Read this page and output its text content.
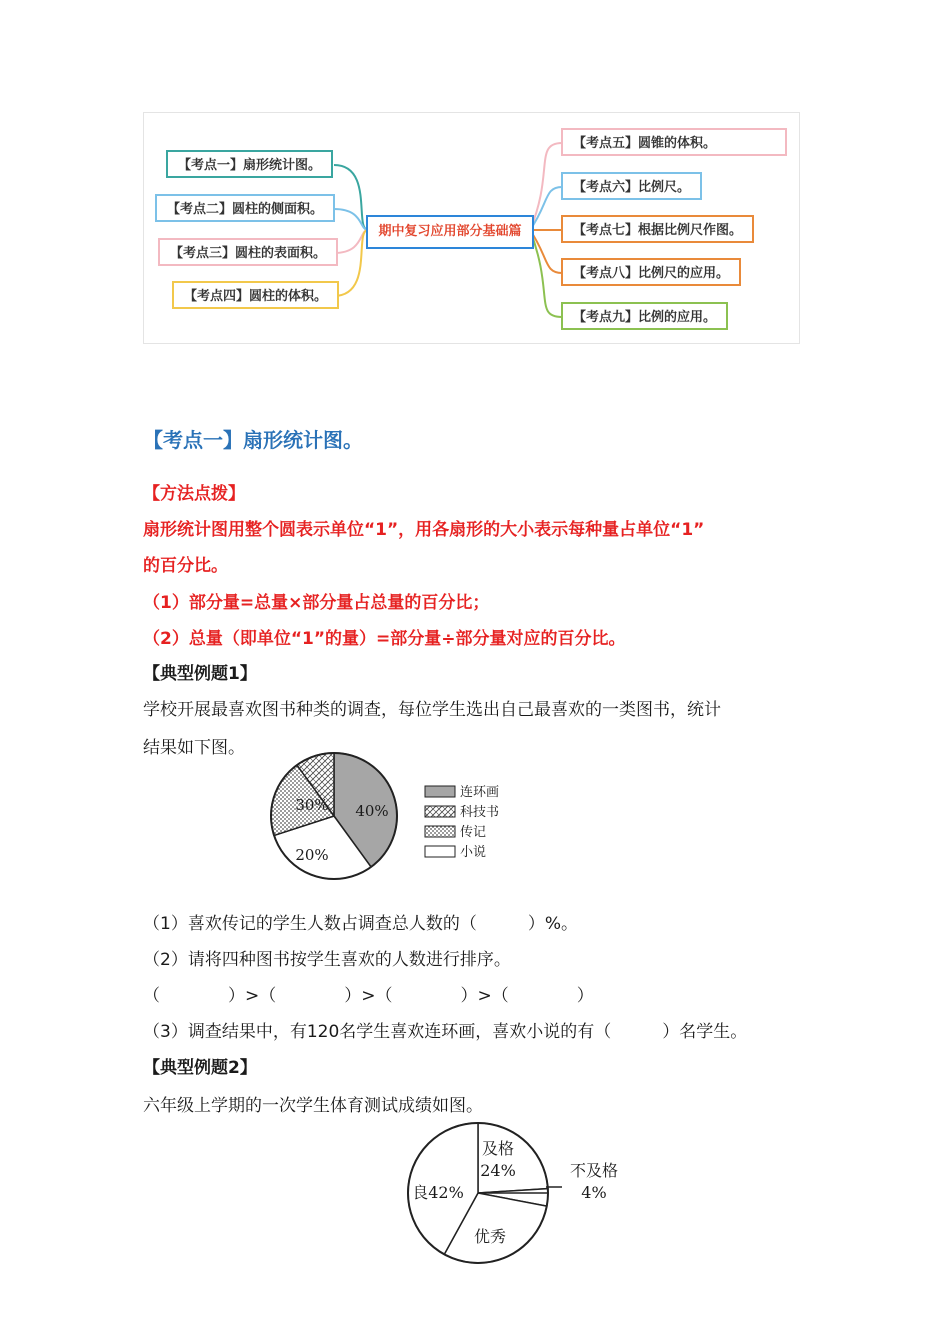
【考点一】扇形统计图。
【考点二】圆柱的侧面积。
【考点三】圆柱的表面积。
【考点四】圆柱的体积。
期中复习应用部分基础篇
【考点五】圆锥的体积。
【考点六】比例尺。
【考点七】根据比例尺作图。
【考点八】比例尺的应用。
【考点九】比例的应用。
【考点一】扇形统计图。
【方法点拨】
扇形统计图用整个圆表示单位“1”，用各扇形的大小表示每种量占单位“1”
的百分比。
（1）部分量=总量×部分量占总量的百分比；
（2）总量（即单位“1”的量）=部分量÷部分量对应的百分比。
【典型例题1】
学校开展最喜欢图书种类的调查，每位学生选出自己最喜欢的一类图书，统计
结果如下图。
40%
30%
20%
连环画
科技书
传记
小说
（1）喜欢传记的学生人数占调查总人数的（　　　）%。
（2）请将四种图书按学生喜欢的人数进行排序。
（　　　　）>（　　　　）>（　　　　）>（　　　　）
（3）调查结果中，有120名学生喜欢连环画，喜欢小说的有（　　　）名学生。
【典型例题2】
六年级上学期的一次学生体育测试成绩如图。
及格
24%
良42%
优秀
不及格
4%
